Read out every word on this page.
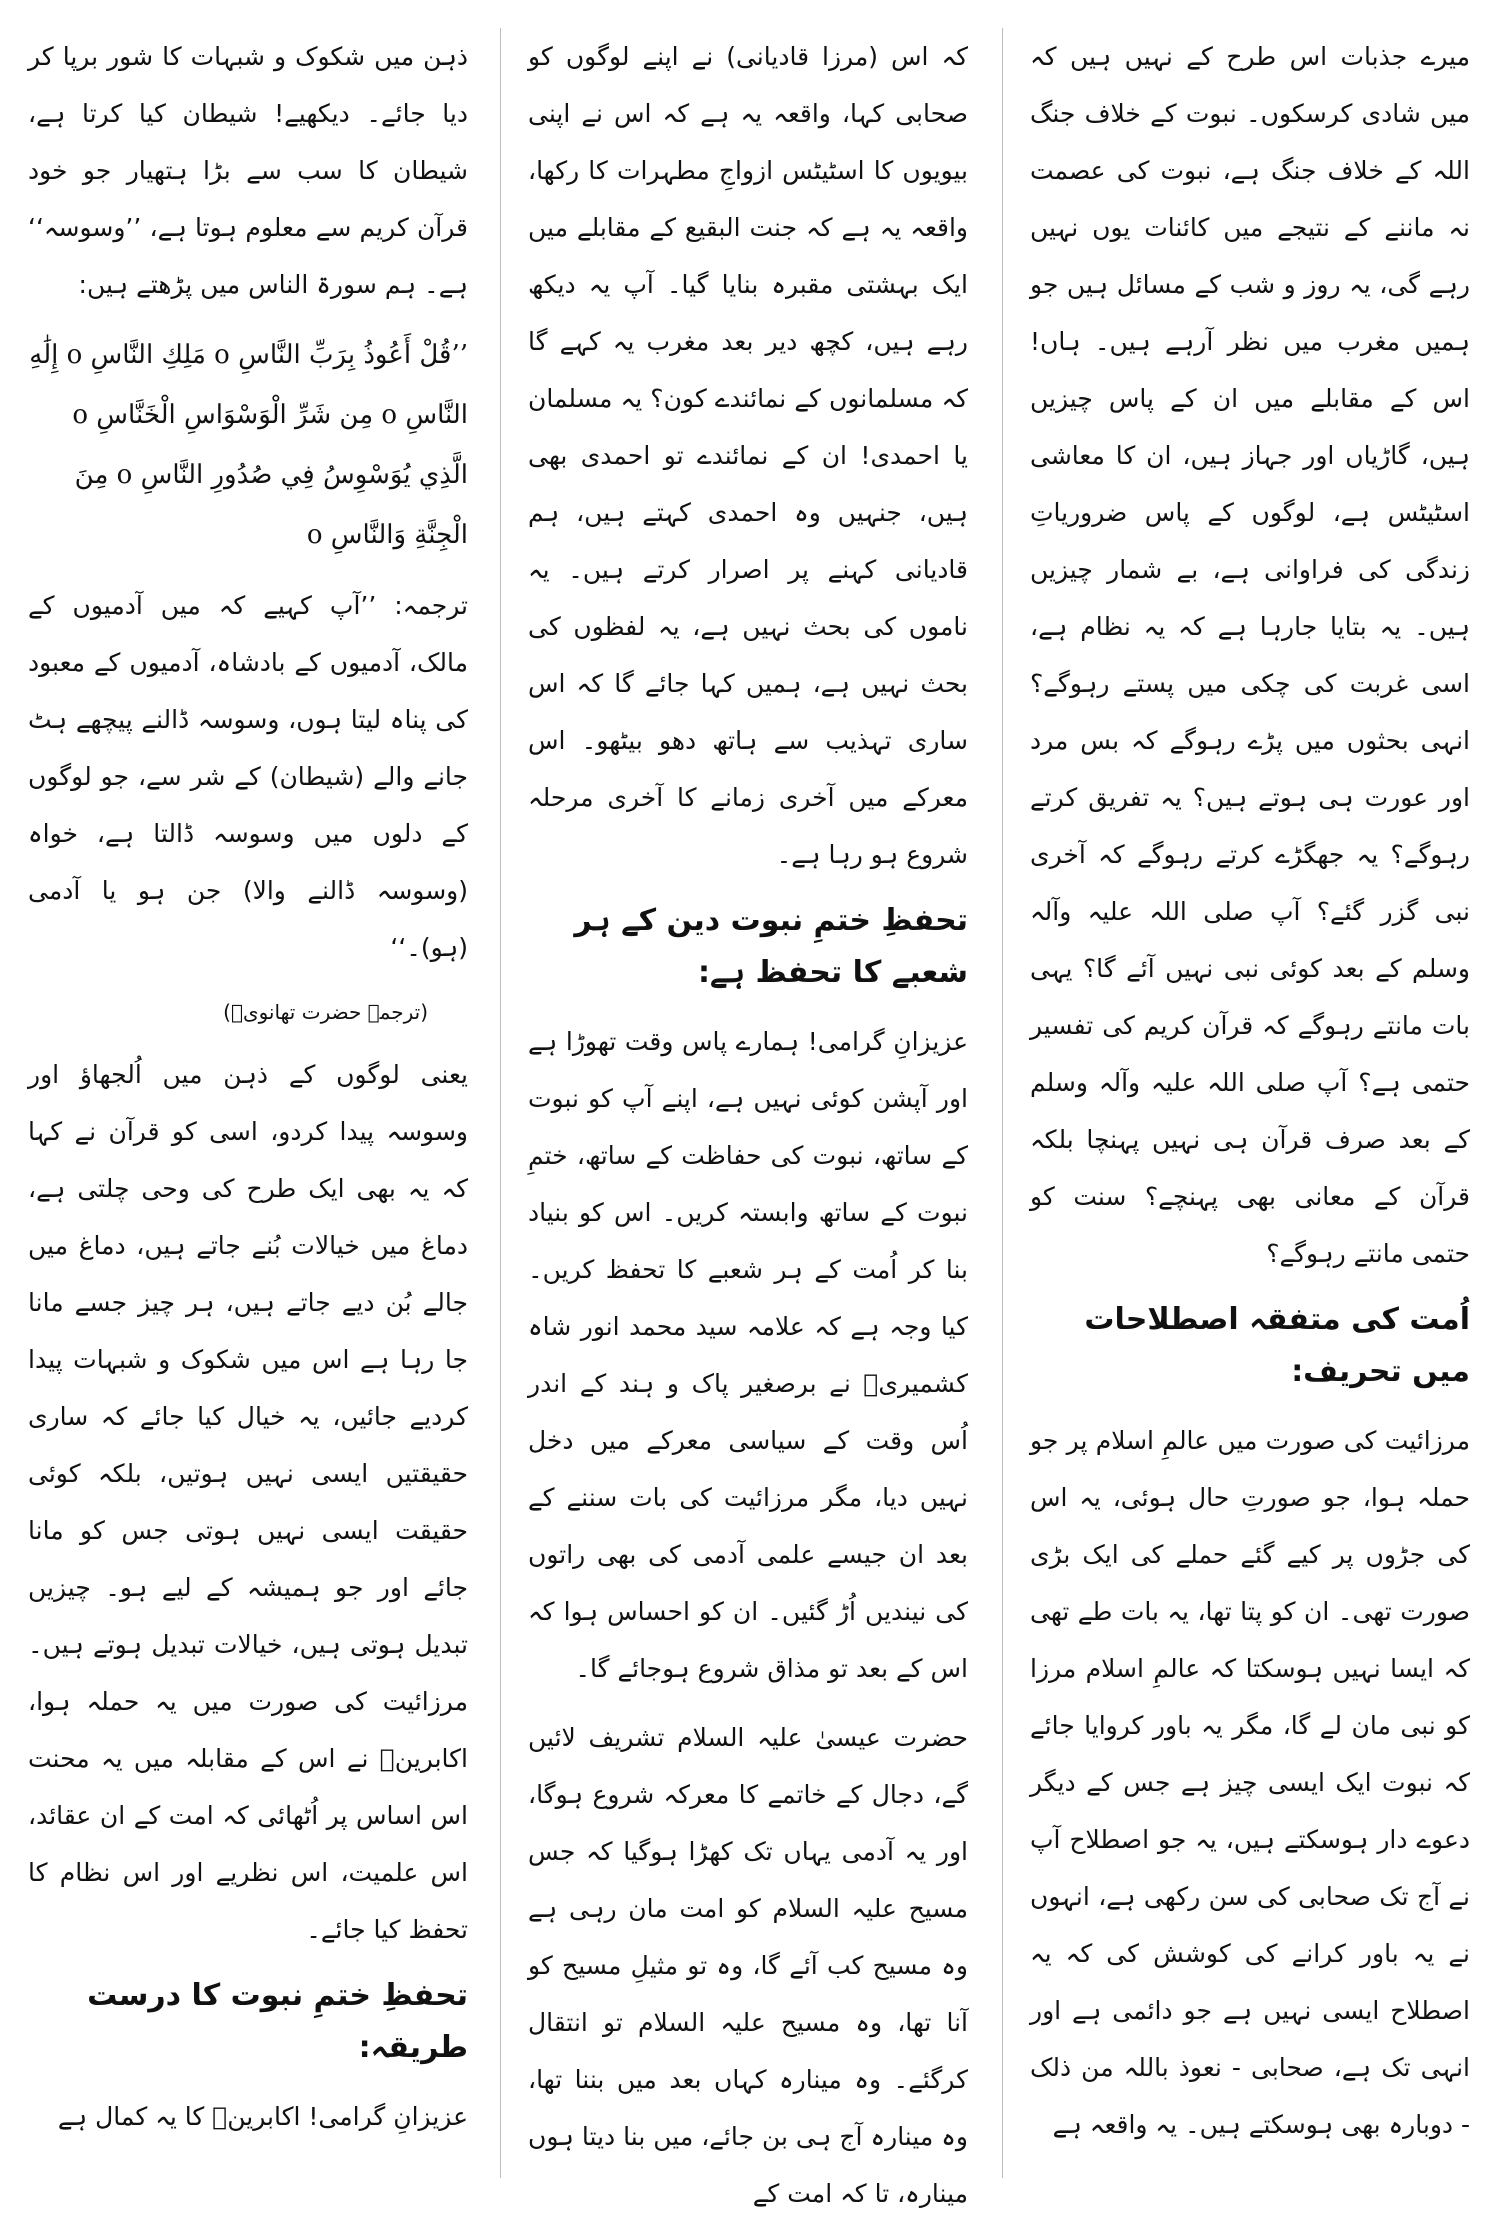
میرے جذبات اس طرح کے نہیں ہیں کہ میں شادی کرسکوں۔ نبوت کے خلاف جنگ اللہ کے خلاف جنگ ہے، نبوت کی عصمت نہ ماننے کے نتیجے میں کائنات یوں نہیں رہے گی، یہ روز و شب کے مسائل ہیں جو ہمیں مغرب میں نظر آرہے ہیں۔ ہاں! اس کے مقابلے میں ان کے پاس چیزیں ہیں، گاڑیاں اور جہاز ہیں، ان کا معاشی اسٹیٹس ہے، لوگوں کے پاس ضروریاتِ زندگی کی فراوانی ہے، بے شمار چیزیں ہیں۔ یہ بتایا جارہا ہے کہ یہ نظام ہے، اسی غربت کی چکی میں پستے رہوگے؟ انہی بحثوں میں پڑے رہوگے کہ بس مرد اور عورت ہی ہوتے ہیں؟ یہ تفریق کرتے رہوگے؟ یہ جھگڑے کرتے رہوگے کہ آخری نبی گزر گئے؟ آپ صلی اللہ علیہ وآلہ وسلم کے بعد کوئی نبی نہیں آئے گا؟ یہی بات مانتے رہوگے کہ قرآن کریم کی تفسیر حتمی ہے؟ آپ صلی اللہ علیہ وآلہ وسلم کے بعد صرف قرآن ہی نہیں پہنچا بلکہ قرآن کے معانی بھی پہنچے؟ سنت کو حتمی مانتے رہوگے؟

اُمت کی متفقہ اصطلاحات میں تحریف:

مرزائیت کی صورت میں عالمِ اسلام پر جو حملہ ہوا، جو صورتِ حال ہوئی، یہ اس کی جڑوں پر کیے گئے حملے کی ایک بڑی صورت تھی۔ ان کو پتا تھا، یہ بات طے تھی کہ ایسا نہیں ہوسکتا کہ عالمِ اسلام مرزا کو نبی مان لے گا، مگر یہ باور کروایا جائے کہ نبوت ایک ایسی چیز ہے جس کے دیگر دعوے دار ہوسکتے ہیں، یہ جو اصطلاح آپ نے آج تک صحابی کی سن رکھی ہے، انہوں نے یہ باور کرانے کی کوشش کی کہ یہ اصطلاح ایسی نہیں ہے جو دائمی ہے اور انہی تک ہے، صحابی - نعوذ باللہ من ذلک - دوبارہ بھی ہوسکتے ہیں۔ یہ واقعہ ہے

کہ اس (مرزا قادیانی) نے اپنے لوگوں کو صحابی کہا، واقعہ یہ ہے کہ اس نے اپنی بیویوں کا اسٹیٹس ازواجِ مطہرات کا رکھا، واقعہ یہ ہے کہ جنت البقیع کے مقابلے میں ایک بہشتی مقبرہ بنایا گیا۔ آپ یہ دیکھ رہے ہیں، کچھ دیر بعد مغرب یہ کہے گا کہ مسلمانوں کے نمائندے کون؟ یہ مسلمان یا احمدی! ان کے نمائندے تو احمدی بھی ہیں، جنہیں وہ احمدی کہتے ہیں، ہم قادیانی کہنے پر اصرار کرتے ہیں۔ یہ ناموں کی بحث نہیں ہے، یہ لفظوں کی بحث نہیں ہے، ہمیں کہا جائے گا کہ اس ساری تہذیب سے ہاتھ دھو بیٹھو۔ اس معرکے میں آخری زمانے کا آخری مرحلہ شروع ہو رہا ہے۔

تحفظِ ختمِ نبوت دین کے ہر شعبے کا تحفظ ہے:

عزیزانِ گرامی! ہمارے پاس وقت تھوڑا ہے اور آپشن کوئی نہیں ہے، اپنے آپ کو نبوت کے ساتھ، نبوت کی حفاظت کے ساتھ، ختمِ نبوت کے ساتھ وابستہ کریں۔ اس کو بنیاد بنا کر اُمت کے ہر شعبے کا تحفظ کریں۔ کیا وجہ ہے کہ علامہ سید محمد انور شاہ کشمیریؒ نے برصغیر پاک و ہند کے اندر اُس وقت کے سیاسی معرکے میں دخل نہیں دیا، مگر مرزائیت کی بات سننے کے بعد ان جیسے علمی آدمی کی بھی راتوں کی نیندیں اُڑ گئیں۔ ان کو احساس ہوا کہ اس کے بعد تو مذاق شروع ہوجائے گا۔

حضرت عیسیٰ علیہ السلام تشریف لائیں گے، دجال کے خاتمے کا معرکہ شروع ہوگا، اور یہ آدمی یہاں تک کھڑا ہوگیا کہ جس مسیح علیہ السلام کو امت مان رہی ہے وہ مسیح کب آئے گا، وہ تو مثیلِ مسیح کو آنا تھا، وہ مسیح علیہ السلام تو انتقال کرگئے۔ وہ مینارہ کہاں بعد میں بننا تھا، وہ مینارہ آج ہی بن جائے، میں بنا دیتا ہوں مینارہ، تا کہ امت کے

ذہن میں شکوک و شبہات کا شور برپا کر دیا جائے۔ دیکھیے! شیطان کیا کرتا ہے، شیطان کا سب سے بڑا ہتھیار جو خود قرآن کریم سے معلوم ہوتا ہے، ’’وسوسہ‘‘ ہے۔ ہم سورۃ الناس میں پڑھتے ہیں:

’’قُلْ أَعُوذُ بِرَبِّ النَّاسِ o مَلِكِ النَّاسِ o إِلَٰهِ النَّاسِ o مِن شَرِّ الْوَسْوَاسِ الْخَنَّاسِ o الَّذِي يُوَسْوِسُ فِي صُدُورِ النَّاسِ o مِنَ الْجِنَّةِ وَالنَّاسِ o

ترجمہ: ’’آپ کہیے کہ میں آدمیوں کے مالک، آدمیوں کے بادشاہ، آدمیوں کے معبود کی پناہ لیتا ہوں، وسوسہ ڈالنے پیچھے ہٹ جانے والے (شیطان) کے شر سے، جو لوگوں کے دلوں میں وسوسہ ڈالتا ہے، خواہ (وسوسہ ڈالنے والا) جن ہو یا آدمی (ہو)۔‘‘

(ترجمہ حضرت تھانویؒ)

یعنی لوگوں کے ذہن میں اُلجھاؤ اور وسوسہ پیدا کردو، اسی کو قرآن نے کہا کہ یہ بھی ایک طرح کی وحی چلتی ہے، دماغ میں خیالات بُنے جاتے ہیں، دماغ میں جالے بُن دیے جاتے ہیں، ہر چیز جسے مانا جا رہا ہے اس میں شکوک و شبہات پیدا کردیے جائیں، یہ خیال کیا جائے کہ ساری حقیقتیں ایسی نہیں ہوتیں، بلکہ کوئی حقیقت ایسی نہیں ہوتی جس کو مانا جائے اور جو ہمیشہ کے لیے ہو۔ چیزیں تبدیل ہوتی ہیں، خیالات تبدیل ہوتے ہیں۔ مرزائیت کی صورت میں یہ حملہ ہوا، اکابرینؒ نے اس کے مقابلہ میں یہ محنت اس اساس پر اُٹھائی کہ امت کے ان عقائد، اس علمیت، اس نظریے اور اس نظام کا تحفظ کیا جائے۔

تحفظِ ختمِ نبوت کا درست طریقہ:

عزیزانِ گرامی! اکابرینؒ کا یہ کمال ہے
